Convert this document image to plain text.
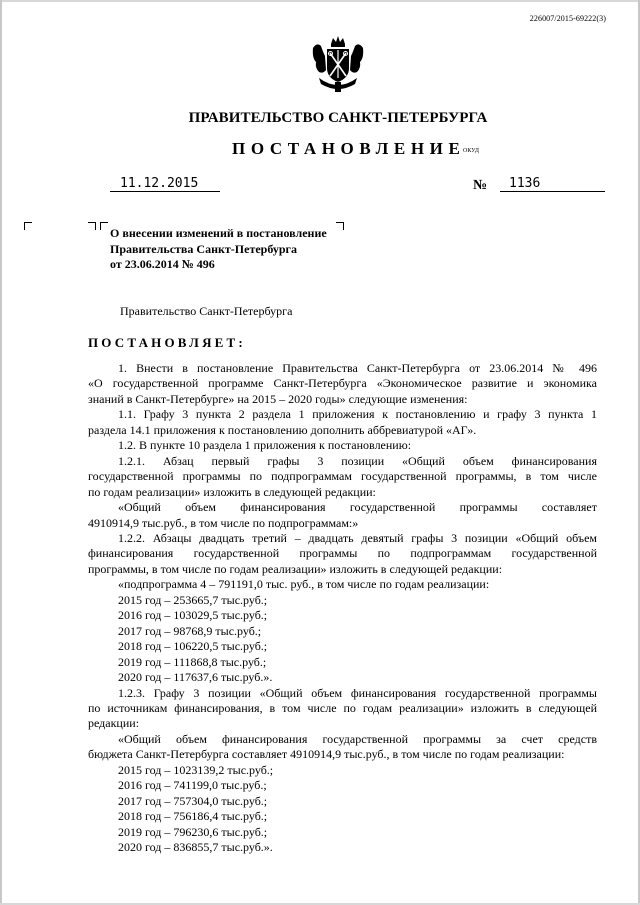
226007/2015-69222(3)
ПРАВИТЕЛЬСТВО САНКТ-ПЕТЕРБУРГА
ПОСТАНОВЛЕНИЕ
ОКУД
11.12.2015	№ 1136
О внесении изменений в постановление
Правительства Санкт-Петербурга
от 23.06.2014 № 496
Правительство Санкт-Петербурга
ПОСТАНОВЛЯЕТ:

1. Внести в постановление Правительства Санкт-Петербурга от 23.06.2014 № 496

«О государственной программе Санкт-Петербурга «Экономическое развитие и экономика

знаний в Санкт-Петербурге» на 2015 – 2020 годы» следующие изменения:

1.1. Графу 3 пункта 2 раздела 1 приложения к постановлению и графу 3 пункта 1

раздела 14.1 приложения к постановлению дополнить аббревиатурой «АГ».

1.2. В пункте 10 раздела 1 приложения к постановлению:

1.2.1. Абзац первый графы 3 позиции «Общий объем финансирования

государственной программы по подпрограммам государственной программы, в том числе

по годам реализации» изложить в следующей редакции:

«Общий объем финансирования государственной программы составляет

4910914,9 тыс.руб., в том числе по подпрограммам:»

1.2.2. Абзацы двадцать третий – двадцать девятый графы 3 позиции «Общий объем

финансирования государственной программы по подпрограммам государственной

программы, в том числе по годам реализации» изложить в следующей редакции:

«подпрограмма 4 – 791191,0 тыс. руб., в том числе по годам реализации:

2015 год – 253665,7 тыс.руб.;

2016 год – 103029,5 тыс.руб.;

2017 год – 98768,9 тыс.руб.;

2018 год – 106220,5 тыс.руб.;

2019 год – 111868,8 тыс.руб.;

2020 год – 117637,6 тыс.руб.».

1.2.3. Графу 3 позиции «Общий объем финансирования государственной программы

по источникам финансирования, в том числе по годам реализации» изложить в следующей

редакции:

«Общий объем финансирования государственной программы за счет средств

бюджета Санкт-Петербурга составляет 4910914,9 тыс.руб., в том числе по годам реализации:

2015 год – 1023139,2 тыс.руб.;

2016 год – 741199,0 тыс.руб.;

2017 год – 757304,0 тыс.руб.;

2018 год – 756186,4 тыс.руб.;

2019 год – 796230,6 тыс.руб.;

2020 год – 836855,7 тыс.руб.».
